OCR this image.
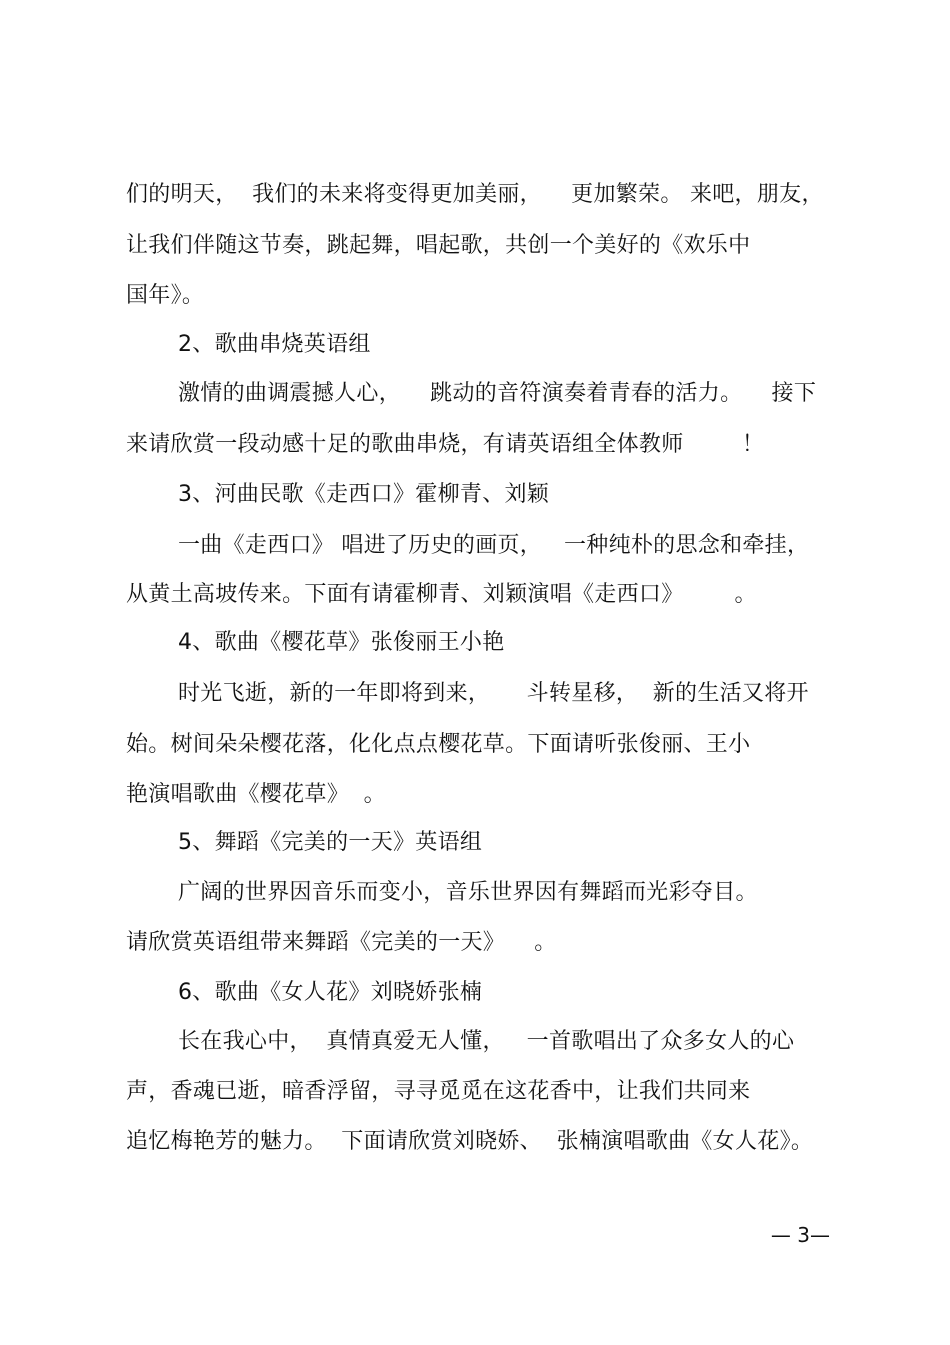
们的明天，  我们的未来将变得更加美丽，    更加繁荣。 来吧，朋友，
让我们伴随这节奏，跳起舞，唱起歌，共创一个美好的《欢乐中
国年》。
2、歌曲串烧英语组
激情的曲调震撼人心，    跳动的音符演奏着青春的活力。    接下
来请欣赏一段动感十足的歌曲串烧，有请英语组全体教师        ！
3、河曲民歌《走西口》霍柳青、刘颖
一曲《走西口》 唱进了历史的画页，   一种纯朴的思念和牵挂，
从黄土高坡传来。下面有请霍柳青、刘颖演唱《走西口》       。
4、歌曲《樱花草》张俊丽王小艳
时光飞逝，新的一年即将到来，     斗转星移，  新的生活又将开
始。树间朵朵樱花落，化化点点樱花草。下面请听张俊丽、王小
艳演唱歌曲《樱花草》  。
5、舞蹈《完美的一天》英语组
广阔的世界因音乐而变小，音乐世界因有舞蹈而光彩夺目。
请欣赏英语组带来舞蹈《完美的一天》    。
6、歌曲《女人花》刘晓娇张楠
长在我心中，  真情真爱无人懂，   一首歌唱出了众多女人的心
声，香魂已逝，暗香浮留，寻寻觅觅在这花香中，让我们共同来
追忆梅艳芳的魅力。  下面请欣赏刘晓娇、  张楠演唱歌曲《女人花》。
— 3—
